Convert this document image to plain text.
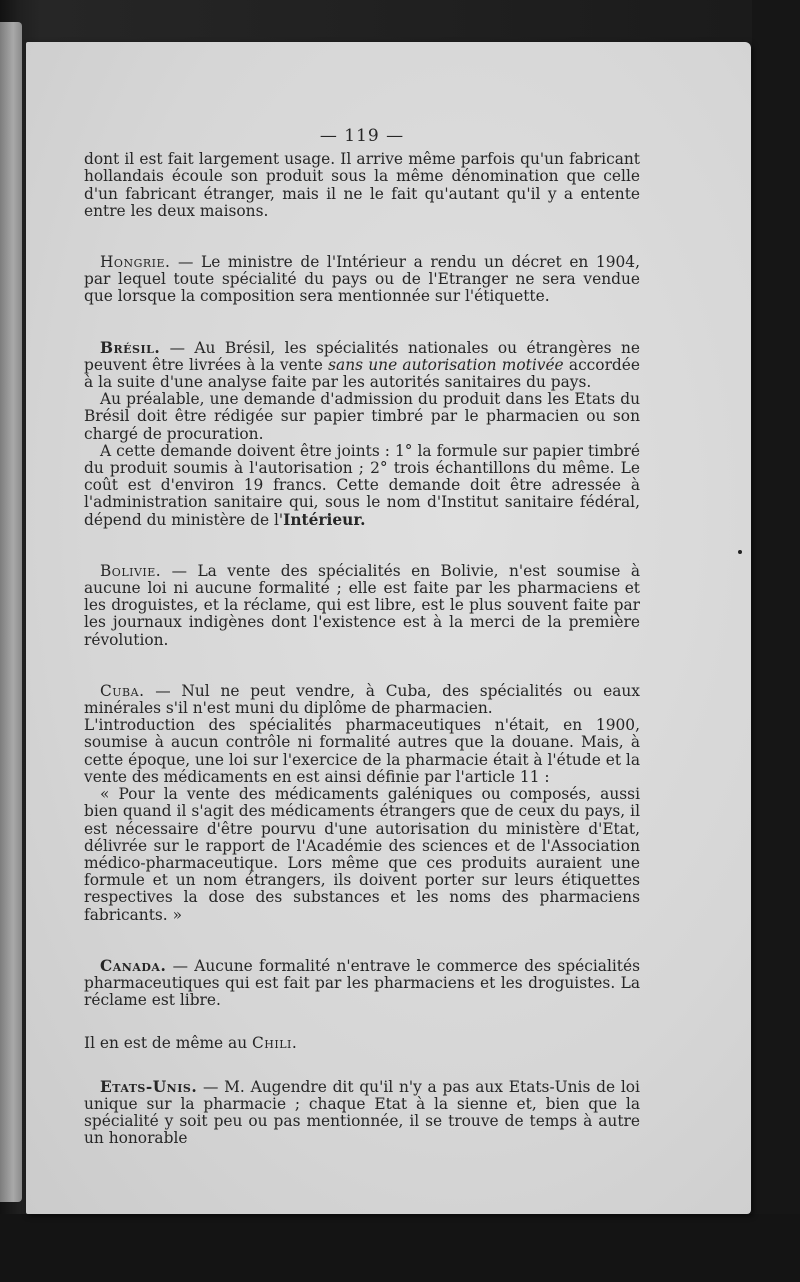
— 119 —

dont il est fait largement usage. Il arrive même parfois qu'un fabricant hollandais écoule son produit sous la même dénomination que celle d'un fabricant étranger, mais il ne le fait qu'autant qu'il y a entente entre les deux maisons.

Hongrie. — Le ministre de l'Intérieur a rendu un décret en 1904, par lequel toute spécialité du pays ou de l'Etranger ne sera vendue que lorsque la composition sera mentionnée sur l'étiquette.

Brésil. — Au Brésil, les spécialités nationales ou étrangères ne peuvent être livrées à la vente sans une autorisation motivée accordée à la suite d'une analyse faite par les autorités sanitaires du pays.

Au préalable, une demande d'admission du produit dans les Etats du Brésil doit être rédigée sur papier timbré par le pharmacien ou son chargé de procuration.

A cette demande doivent être joints : 1° la formule sur papier timbré du produit soumis à l'autorisation ; 2° trois échantillons du même. Le coût est d'environ 19 francs. Cette demande doit être adressée à l'administration sanitaire qui, sous le nom d'Institut sanitaire fédéral, dépend du ministère de l'Intérieur.

Bolivie. — La vente des spécialités en Bolivie, n'est soumise à aucune loi ni aucune formalité ; elle est faite par les pharmaciens et les droguistes, et la réclame, qui est libre, est le plus souvent faite par les journaux indigènes dont l'existence est à la merci de la première révolution.

Cuba. — Nul ne peut vendre, à Cuba, des spécialités ou eaux minérales s'il n'est muni du diplôme de pharmacien.

L'introduction des spécialités pharmaceutiques n'était, en 1900, soumise à aucun contrôle ni formalité autres que la douane. Mais, à cette époque, une loi sur l'exercice de la pharmacie était à l'étude et la vente des médicaments en est ainsi définie par l'article 11 :

« Pour la vente des médicaments galéniques ou composés, aussi bien quand il s'agit des médicaments étrangers que de ceux du pays, il est nécessaire d'être pourvu d'une autorisation du ministère d'Etat, délivrée sur le rapport de l'Académie des sciences et de l'Association médico-pharmaceutique. Lors même que ces produits auraient une formule et un nom étrangers, ils doivent porter sur leurs étiquettes respectives la dose des substances et les noms des pharmaciens fabricants. »

Canada. — Aucune formalité n'entrave le commerce des spécialités pharmaceutiques qui est fait par les pharmaciens et les droguistes. La réclame est libre.

Il en est de même au Chili.

Etats-Unis. — M. Augendre dit qu'il n'y a pas aux Etats-Unis de loi unique sur la pharmacie ; chaque Etat à la sienne et, bien que la spécialité y soit peu ou pas mentionnée, il se trouve de temps à autre un honorable
